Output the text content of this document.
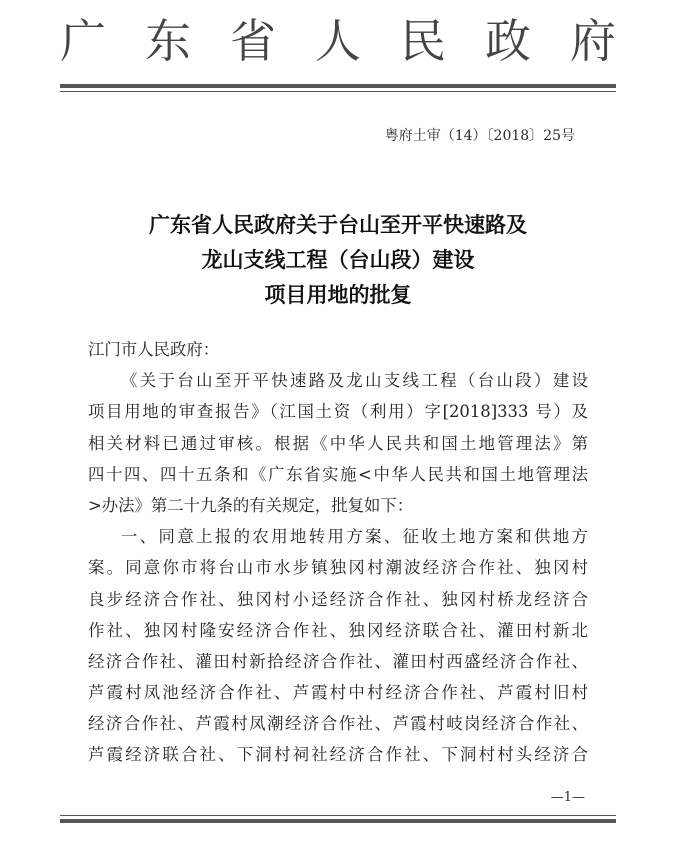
广 东 省 人 民 政 府
粤府土审（14）〔2018〕25号
广东省人民政府关于台山至开平快速路及
龙山支线工程（台山段）建设
项目用地的批复
江门市人民政府：
《关于台山至开平快速路及龙山支线工程（台山段）建设
项目用地的审查报告》（江国土资（利用）字[2018]333 号）及
相关材料已通过审核。根据《中华人民共和国土地管理法》第
四十四、四十五条和《广东省实施<中华人民共和国土地管理法
>办法》第二十九条的有关规定，批复如下：
一、同意上报的农用地转用方案、征收土地方案和供地方
案。同意你市将台山市水步镇独冈村潮波经济合作社、独冈村
良步经济合作社、独冈村小迳经济合作社、独冈村桥龙经济合
作社、独冈村隆安经济合作社、独冈经济联合社、灌田村新北
经济合作社、灌田村新拾经济合作社、灌田村西盛经济合作社、
芦霞村凤池经济合作社、芦霞村中村经济合作社、芦霞村旧村
经济合作社、芦霞村凤潮经济合作社、芦霞村岐岗经济合作社、
芦霞经济联合社、下洞村祠社经济合作社、下洞村村头经济合
—1—
